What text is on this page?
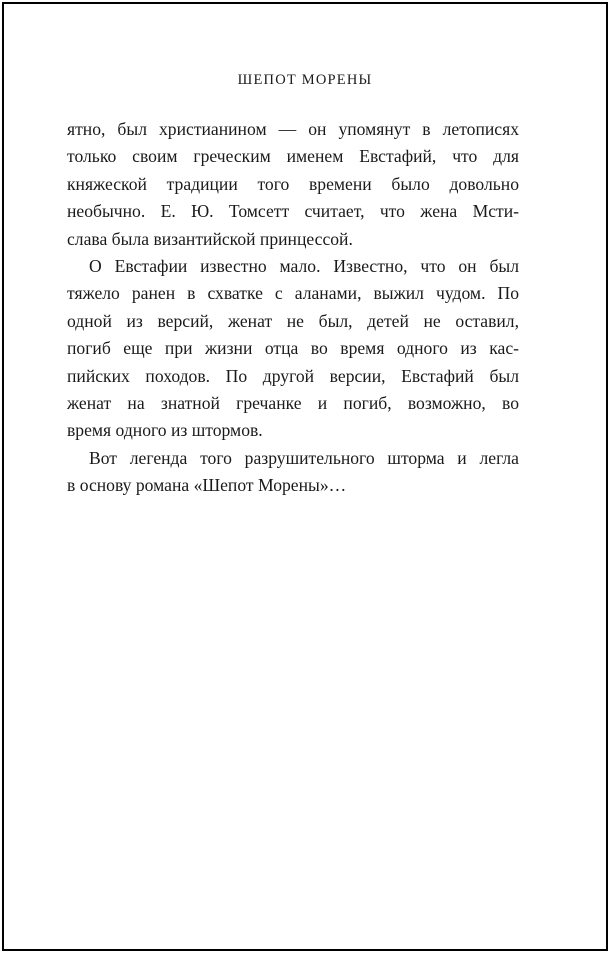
ШЕПОТ МОРЕНЫ
ятно, был христианином — он упомянут в летописях
только своим греческим именем Евстафий, что для
княжеской традиции того времени было довольно
необычно. Е. Ю. Томсетт считает, что жена Мсти-
слава была византийской принцессой.
О Евстафии известно мало. Известно, что он был
тяжело ранен в схватке с аланами, выжил чудом. По
одной из версий, женат не был, детей не оставил,
погиб еще при жизни отца во время одного из кас-
пийских походов. По другой версии, Евстафий был
женат на знатной гречанке и погиб, возможно, во
время одного из штормов.
Вот легенда того разрушительного шторма и легла
в основу романа «Шепот Морены»…
